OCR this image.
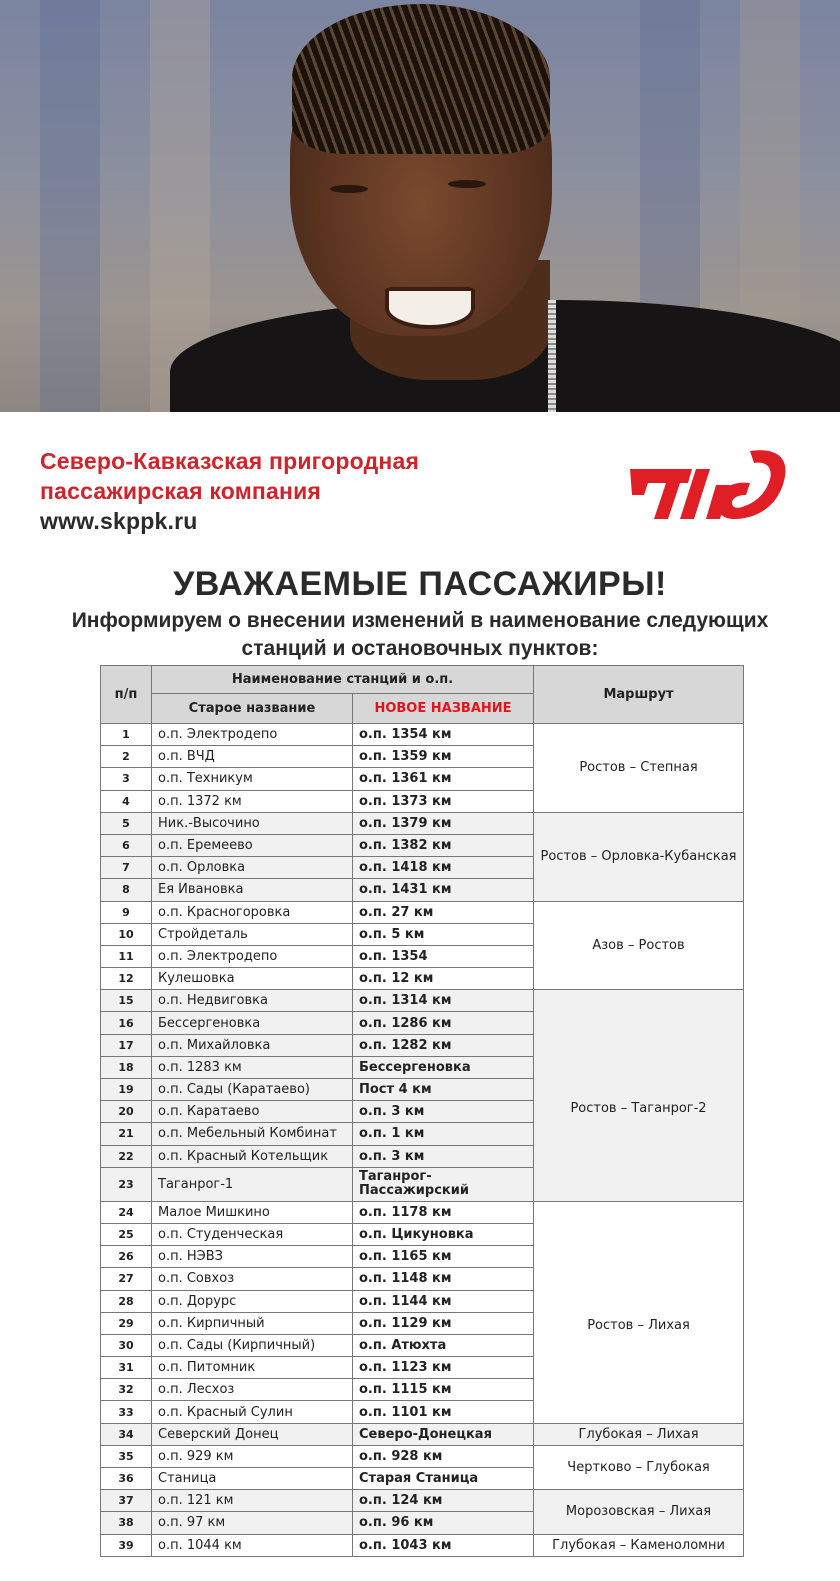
Северо-Кавказская пригородная
пассажирская компания
www.skppk.ru
УВАЖАЕМЫЕ ПАССАЖИРЫ!
Информируем о внесении изменений в наименование следующих
станций и остановочных пунктов:
п/п	Наименование станций и о.п.		Маршрут
	Старое название	НОВОЕ НАЗВАНИЕ	
1	о.п. Электродепо	о.п. 1354 км	Ростов – Степная
2	о.п. ВЧД	о.п. 1359 км	
3	о.п. Техникум	о.п. 1361 км	
4	о.п. 1372 км	о.п. 1373 км	
5	Ник.-Высочино	о.п. 1379 км	Ростов – Орловка-Кубанская
6	о.п. Еремеево	о.п. 1382 км	
7	о.п. Орловка	о.п. 1418 км	
8	Ея Ивановка	о.п. 1431 км	
9	о.п. Красногоровка	о.п. 27 км	Азов – Ростов
10	Стройдеталь	о.п. 5 км	
11	о.п. Электродепо	о.п. 1354	
12	Кулешовка	о.п. 12 км	
15	о.п. Недвиговка	о.п. 1314 км	Ростов – Таганрог-2
16	Бессергеновка	о.п. 1286 км	
17	о.п. Михайловка	о.п. 1282 км	
18	о.п. 1283 км	Бессергеновка	
19	о.п. Сады (Каратаево)	Пост 4 км	
20	о.п. Каратаево	о.п. 3 км	
21	о.п. Мебельный Комбинат	о.п. 1 км	
22	о.п. Красный Котельщик	о.п. 3 км	
23	Таганрог-1	Таганрог-Пассажирский	
24	Малое Мишкино	о.п. 1178 км	Ростов – Лихая
25	о.п. Студенческая	о.п. Цикуновка	
26	о.п. НЭВЗ	о.п. 1165 км	
27	о.п. Совхоз	о.п. 1148 км	
28	о.п. Дорурс	о.п. 1144 км	
29	о.п. Кирпичный	о.п. 1129 км	
30	о.п. Сады (Кирпичный)	о.п. Атюхта	
31	о.п. Питомник	о.п. 1123 км	
32	о.п. Лесхоз	о.п. 1115 км	
33	о.п. Красный Сулин	о.п. 1101 км	
34	Северский Донец	Северо-Донецкая	Глубокая – Лихая
35	о.п. 929 км	о.п. 928 км	Чертково – Глубокая
36	Станица	Старая Станица	
37	о.п. 121 км	о.п. 124 км	Морозовская – Лихая
38	о.п. 97 км	о.п. 96 км	
39	о.п. 1044 км	о.п. 1043 км	Глубокая – Каменоломни
